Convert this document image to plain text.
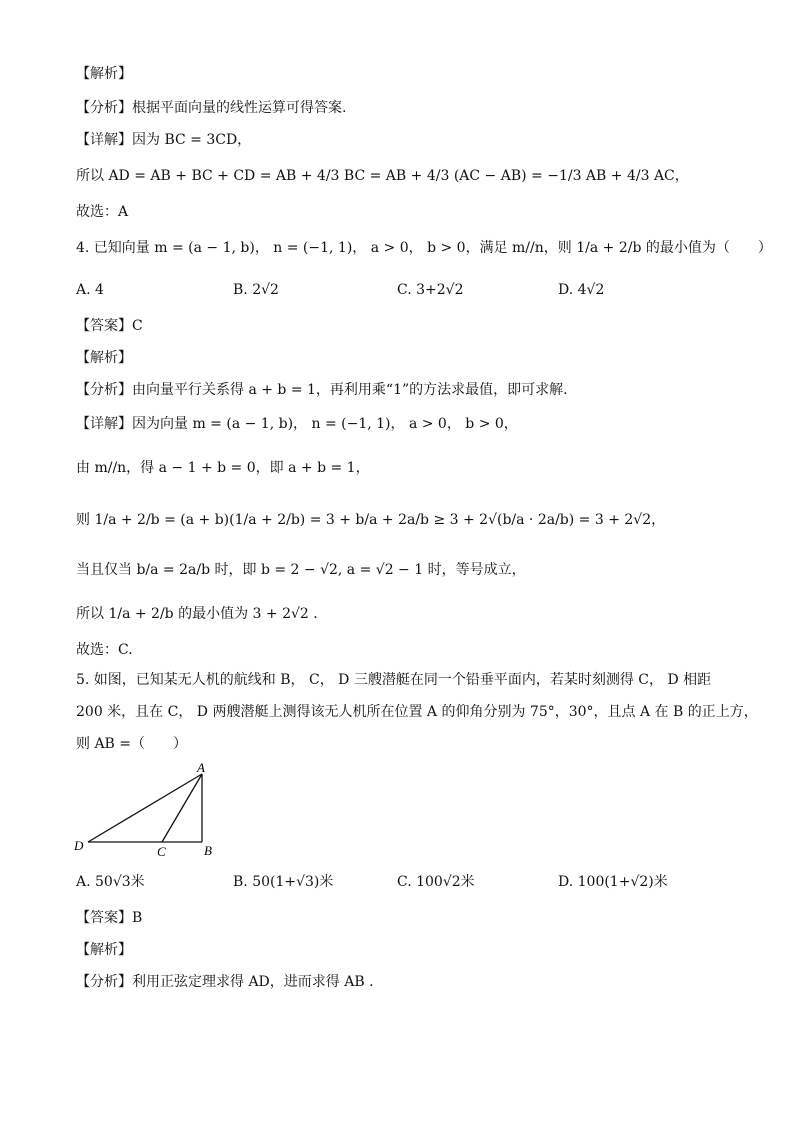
【解析】
【分析】根据平面向量的线性运算可得答案.
【详解】因为 BC = 3CD，
所以 AD = AB + BC + CD = AB + 4/3 BC = AB + 4/3 (AC − AB) = −1/3 AB + 4/3 AC，
故选：A
4. 已知向量 m = (a − 1, b)， n = (−1, 1)， a > 0， b > 0，满足 m//n，则 1/a + 2/b 的最小值为（　　）
A. 4	B. 2√2	C. 3+2√2	D. 4√2
【答案】C
【解析】
【分析】由向量平行关系得 a + b = 1，再利用乘“1”的方法求最值，即可求解.
【详解】因为向量 m = (a − 1, b)， n = (−1, 1)， a > 0， b > 0，
由 m//n，得 a − 1 + b = 0，即 a + b = 1，
则 1/a + 2/b = (a + b)(1/a + 2/b) = 3 + b/a + 2a/b ≥ 3 + 2√(b/a · 2a/b) = 3 + 2√2，
当且仅当 b/a = 2a/b 时，即 b = 2 − √2, a = √2 − 1 时，等号成立，
所以 1/a + 2/b 的最小值为 3 + 2√2 .
故选：C.
5. 如图，已知某无人机的航线和 B， C， D 三艘潜艇在同一个铅垂平面内，若某时刻测得 C， D 相距
200 米，且在 C， D 两艘潜艇上测得该无人机所在位置 A 的仰角分别为 75°，30°，且点 A 在 B 的正上方，
则 AB =（　　）
A
B
C
D
A. 50√3米	B. 50(1+√3)米	C. 100√2米	D. 100(1+√2)米
【答案】B
【解析】
【分析】利用正弦定理求得 AD，进而求得 AB .
